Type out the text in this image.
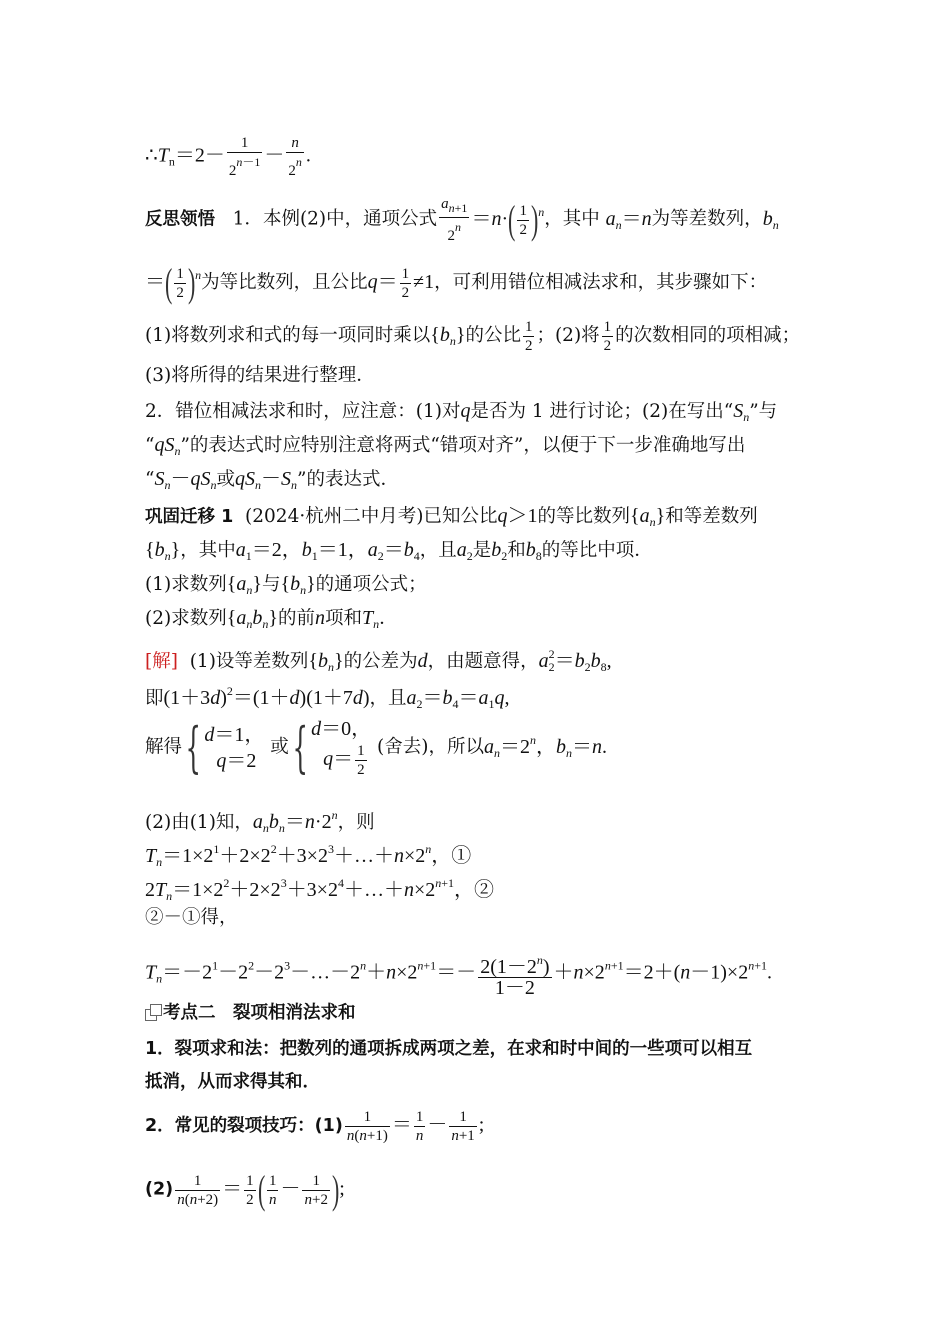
$\therefore T_n=2- \frac{1}{2^{n-1}} - \frac{n}{2^n}$ .
反思领悟 1．本例(2)中，通项公式 $\frac{a_{n+1}}{2^n} =n\cdot( \frac{1}{2} )^n$，其中 $a_n=n$为等差数列，$b_n$
＝( $\frac{1}{2} )^n$为等比数列，且公比$q= \frac{1}{2} \ne 1$，可利用错位相减法求和，其步骤如下：
(1)将数列求和式的每一项同时乘以$\{b_n\}$的公比 $\frac{1}{2}$ ；(2)将 $\frac{1}{2}$ 的次数相同的项相减；
(3)将所得的结果进行整理．
2．错位相减法求和时，应注意：(1)对q是否为 1 进行讨论；(2)在写出“$S_n$”与
“$qS_n$”的表达式时应特别注意将两式“错项对齐”，以便于下一步准确地写出
“$S_n-qS_n$或$qS_n-S_n$”的表达式．
巩固迁移 1 (2024·杭州二中月考)已知公比q＞1的等比数列$\{a_n\}$和等差数列
$\{b_n\}$，其中$a_1=2$，$b_1=1$，$a_2=b_4$，且$a_2$是$b_2$和$b_8$的等比中项．
(1)求数列$\{a_n\}$与$\{b_n\}$的通项公式；
(2)求数列$\{a_nb_n\}$的前n项和$T_n$．
[解] (1)设等差数列$\{b_n\}$的公差为d，由题意得，$a^2_2=b_2b_8$,
即$(1+3d)^2=(1+d)(1+7d)$，且$a_2=b_4=a_1q$,
解得{ d＝1，
q＝2
或{ d＝0，
$q= \frac{1}{2}$ (舍去)，所以$a_n=2^n$，$b_n=n$.
(2)由(1)知，$a_nb_n=n\cdot 2^n$，则
$T_n=1\times 2^1+2\times 2^2+3\times 2^3+\dots+n\times 2^n$，①
$2T_n=1\times 2^2+2\times 2^3+3\times 2^4+\dots+n\times 2^{n+1}$，②
②－①得，
$T_n=-2^1-2^2-2^3-\dots-2^n+n\times 2^{n+1}=- \frac{2(1-2^n)}{1-2} +n\times 2^{n+1}=2+(n-1)\times 2^{n+1}$.
考点二　裂项相消法求和
1．裂项求和法：把数列的通项拆成两项之差，在求和时中间的一些项可以相互
抵消，从而求得其和．
2．常见的裂项技巧：$(1) \frac{1}{n(n+1)} = \frac{1}{n} - \frac{1}{n+1}$ ;
$(2) \frac{1}{n(n+2)} = \frac{1}{2}$ ( $\frac{1}{n} - \frac{1}{n+2}$ );
